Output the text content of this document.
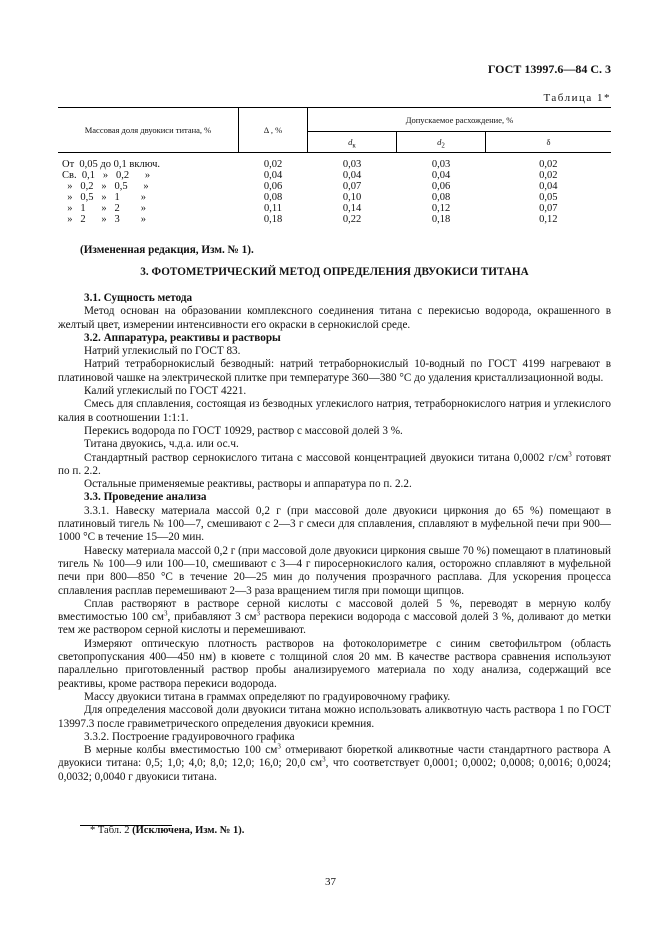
ГОСТ 13997.6—84 С. 3
Таблица 1*
Массовая доля двуокиси титана, %	Δ , %	Допускаемое расхождение, %		
		$d_к$	$d_2$	δ

От  0,05 до 0,1 включ.	0,02	0,03	0,03	0,02
Св.  0,1   »   0,2      »	0,04	0,04	0,04	0,02
»   0,2   »   0,5      »	0,06	0,07	0,06	0,04
»   0,5   »   1        »	0,08	0,10	0,08	0,05
»   1      »   2        »	0,11	0,14	0,12	0,07
»   2      »   3        »	0,18	0,22	0,18	0,12
(Измененная редакция, Изм. № 1).
3. ФОТОМЕТРИЧЕСКИЙ МЕТОД ОПРЕДЕЛЕНИЯ ДВУОКИСИ ТИТАНА

3.1. Сущность метода

Метод основан на образовании комплексного соединения титана с перекисью водорода, окрашенного в желтый цвет, измерении интенсивности его окраски в сернокислой среде.

3.2. Аппаратура, реактивы и растворы

Натрий углекислый по ГОСТ 83.

Натрий тетраборнокислый безводный: натрий тетраборнокислый 10-водный по ГОСТ 4199 нагревают в платиновой чашке на электрической плитке при температуре 360—380 °С до удаления кристаллизационной воды.

Калий углекислый по ГОСТ 4221.

Смесь для сплавления, состоящая из безводных углекислого натрия, тетраборнокислого натрия и углекислого калия в соотношении 1:1:1.

Перекись водорода по ГОСТ 10929, раствор с массовой долей 3 %.

Титана двуокись, ч.д.а. или ос.ч.

Стандартный раствор сернокислого титана с массовой концентрацией двуокиси титана 0,0002 $г/см^3$ готовят по п. 2.2.

Остальные применяемые реактивы, растворы и аппаратура по п. 2.2.

3.3. Проведение анализа

3.3.1. Навеску материала массой 0,2 г (при массовой доле двуокиси циркония до 65 %) помещают в платиновый тигель № 100—7, смешивают с 2—3 г смеси для сплавления, сплавляют в муфельной печи при 900—1000 °С в течение 15—20 мин.

Навеску материала массой 0,2 г (при массовой доле двуокиси циркония свыше 70 %) помещают в платиновый тигель № 100—9 или 100—10, смешивают с 3—4 г пиросернокислого калия, осторожно сплавляют в муфельной печи при 800—850 °С в течение 20—25 мин до получения прозрачного расплава. Для ускорения процесса сплавления расплав перемешивают 2—3 раза вращением тигля при помощи щипцов.

Сплав растворяют в растворе серной кислоты с массовой долей 5 %, переводят в мерную колбу вместимостью 100 $см^3$, прибавляют 3 $см^3$ раствора перекиси водорода с массовой долей 3 %, доливают до метки тем же раствором серной кислоты и перемешивают.

Измеряют оптическую плотность растворов на фотоколориметре с синим светофильтром (область светопропускания 400—450 нм) в кювете с толщиной слоя 20 мм. В качестве раствора сравнения используют параллельно приготовленный раствор пробы анализируемого материала по ходу анализа, содержащий все реактивы, кроме раствора перекиси водорода.

Массу двуокиси титана в граммах определяют по градуировочному графику.

Для определения массовой доли двуокиси титана можно использовать аликвотную часть раствора 1 по ГОСТ 13997.3 после гравиметрического определения двуокиси кремния.

3.3.2. Построение градуировочного графика

В мерные колбы вместимостью 100 $см^3$ отмеривают бюреткой аликвотные части стандартного раствора А двуокиси титана: 0,5; 1,0; 4,0; 8,0; 12,0; 16,0; 20,0 $см^3$, что соответствует 0,0001; 0,0002; 0,0008; 0,0016; 0,0024; 0,0032; 0,0040 г двуокиси титана.

* Табл. 2 (Исключена, Изм. № 1).
37
